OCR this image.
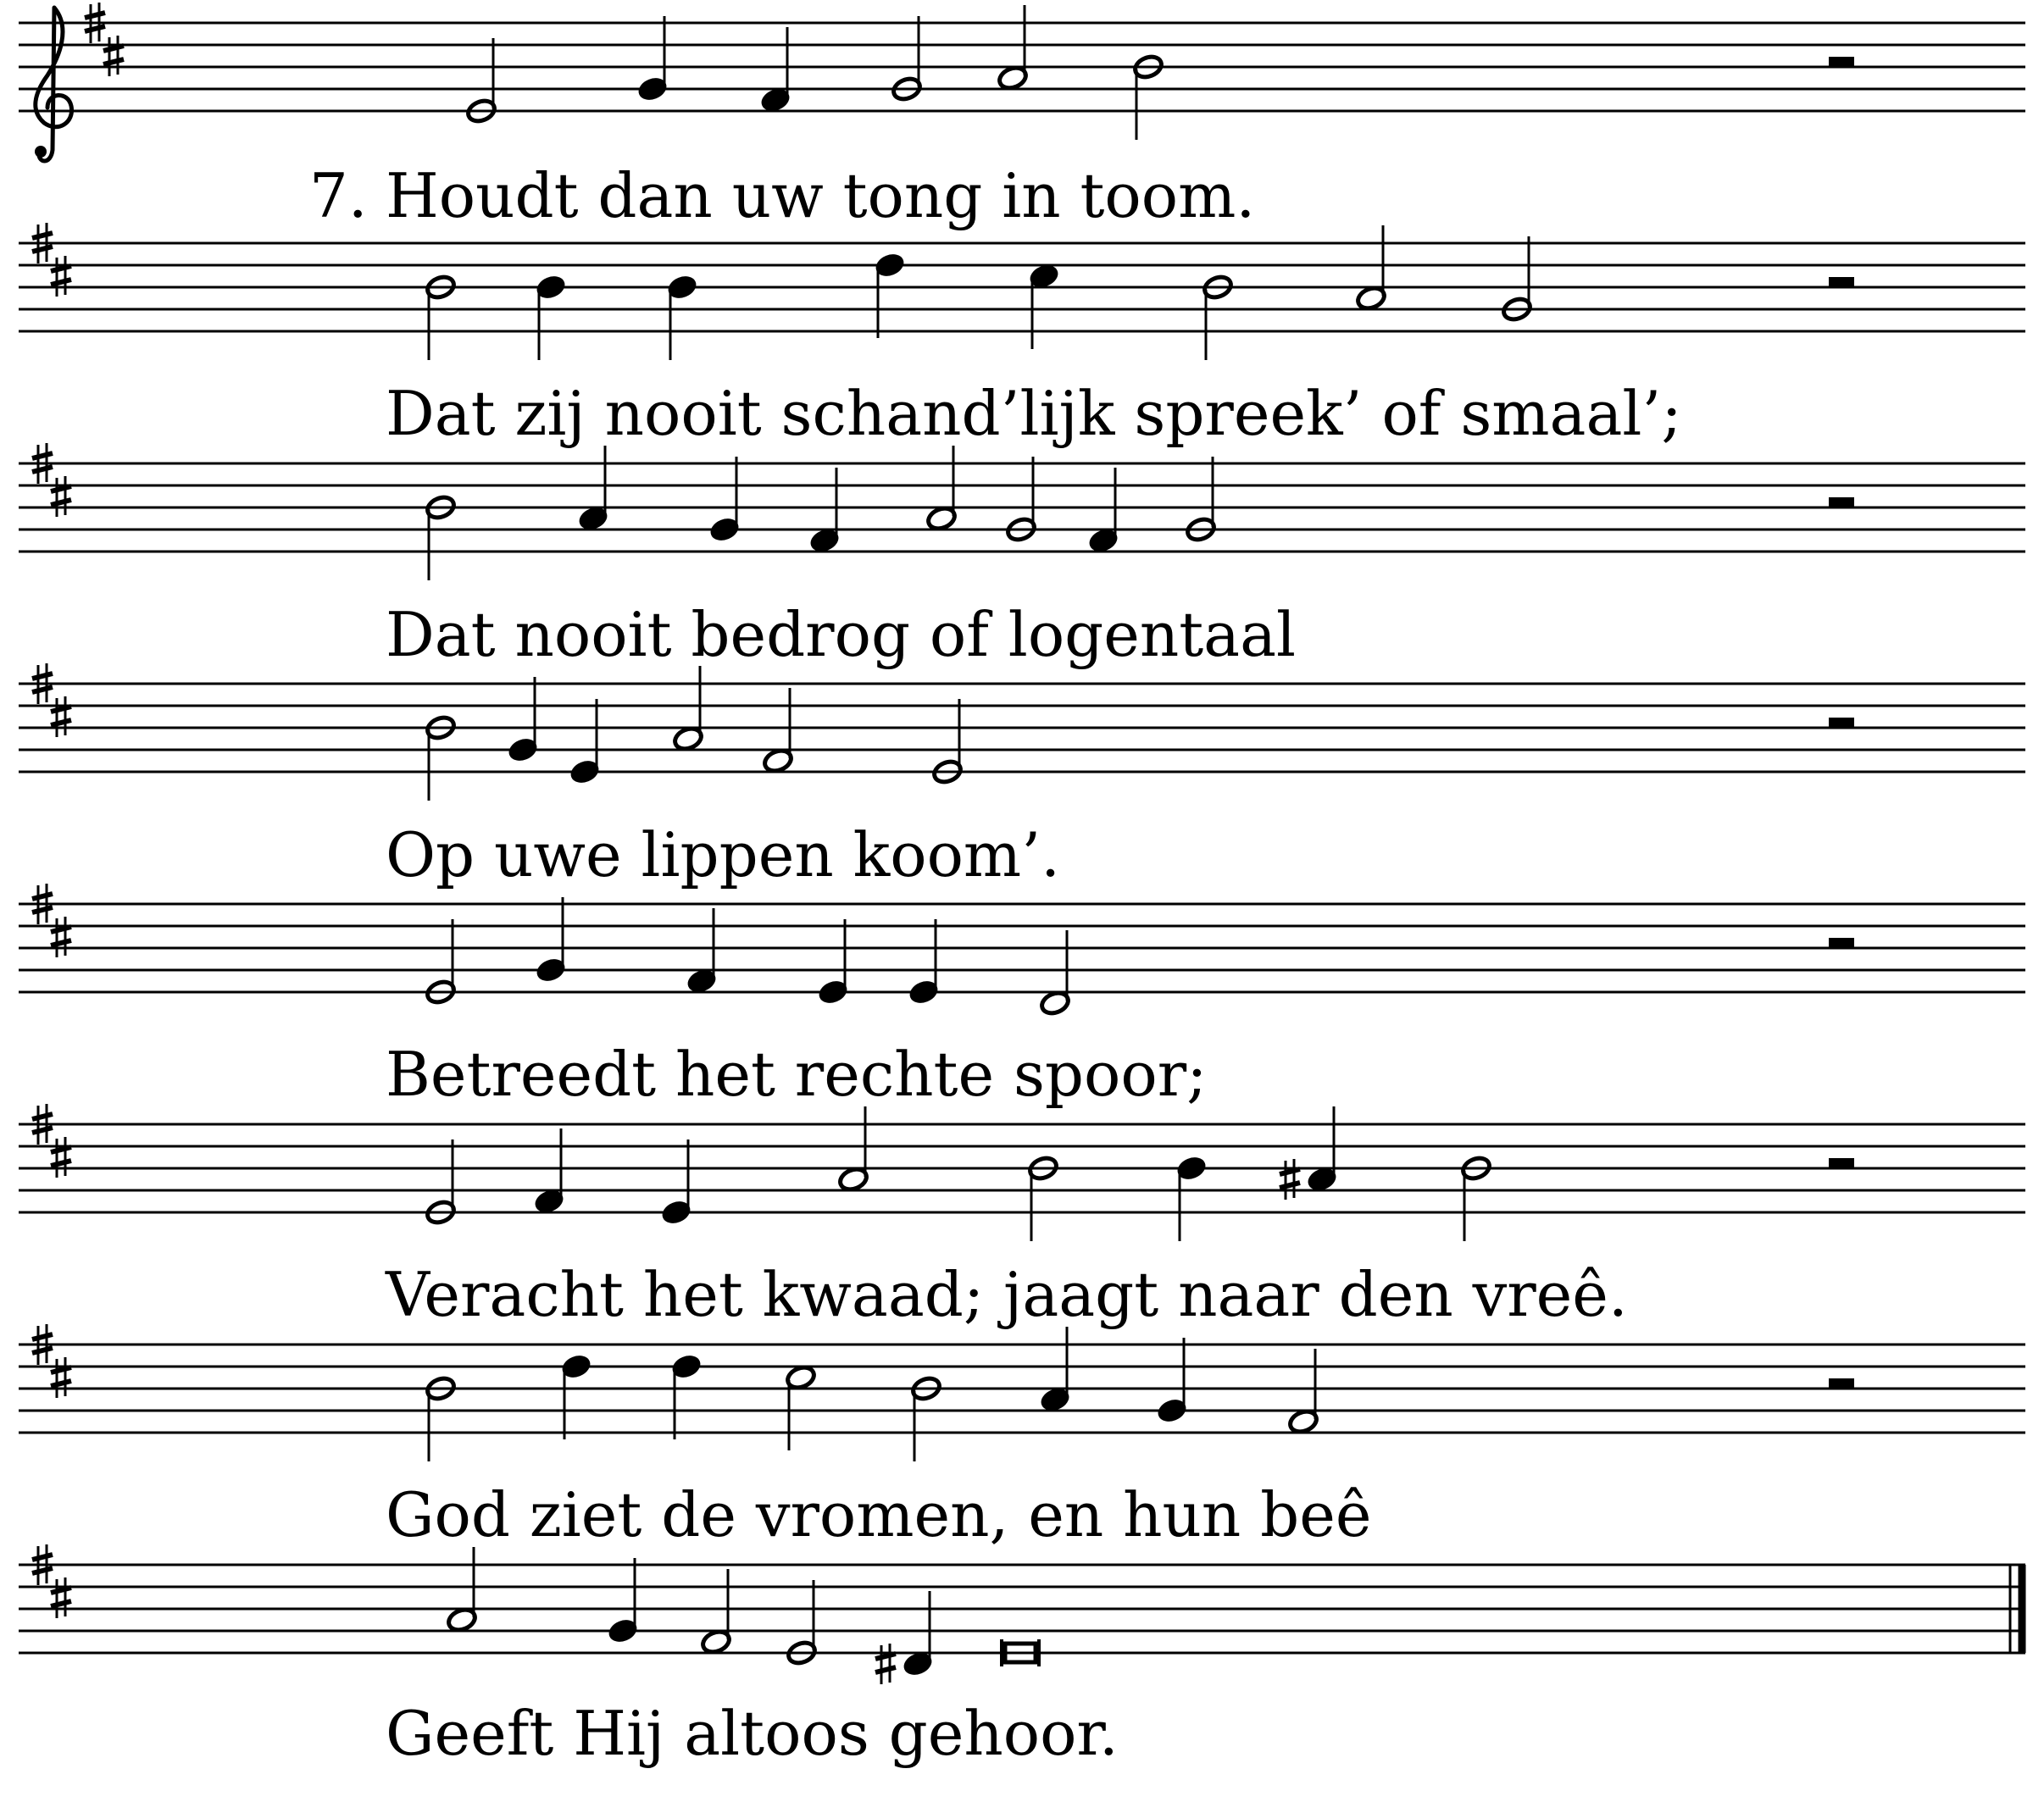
7. Houdt dan uw tong in toom.
Dat zij nooit schand’lijk spreek’ of smaal’;
Dat nooit bedrog of logentaal
Op uwe lippen koom’.
Betreedt het rechte spoor;
Veracht het kwaad; jaagt naar den vreê.
God ziet de vromen, en hun beê
Geeft Hij altoos gehoor.
